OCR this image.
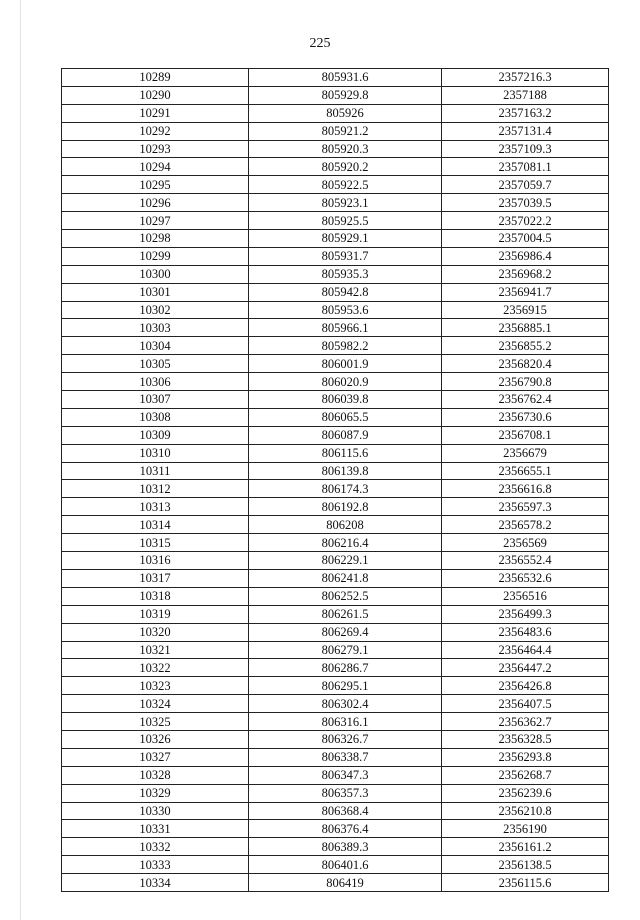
225
10289	805931.6	2357216.3
10290	805929.8	2357188
10291	805926	2357163.2
10292	805921.2	2357131.4
10293	805920.3	2357109.3
10294	805920.2	2357081.1
10295	805922.5	2357059.7
10296	805923.1	2357039.5
10297	805925.5	2357022.2
10298	805929.1	2357004.5
10299	805931.7	2356986.4
10300	805935.3	2356968.2
10301	805942.8	2356941.7
10302	805953.6	2356915
10303	805966.1	2356885.1
10304	805982.2	2356855.2
10305	806001.9	2356820.4
10306	806020.9	2356790.8
10307	806039.8	2356762.4
10308	806065.5	2356730.6
10309	806087.9	2356708.1
10310	806115.6	2356679
10311	806139.8	2356655.1
10312	806174.3	2356616.8
10313	806192.8	2356597.3
10314	806208	2356578.2
10315	806216.4	2356569
10316	806229.1	2356552.4
10317	806241.8	2356532.6
10318	806252.5	2356516
10319	806261.5	2356499.3
10320	806269.4	2356483.6
10321	806279.1	2356464.4
10322	806286.7	2356447.2
10323	806295.1	2356426.8
10324	806302.4	2356407.5
10325	806316.1	2356362.7
10326	806326.7	2356328.5
10327	806338.7	2356293.8
10328	806347.3	2356268.7
10329	806357.3	2356239.6
10330	806368.4	2356210.8
10331	806376.4	2356190
10332	806389.3	2356161.2
10333	806401.6	2356138.5
10334	806419	2356115.6
